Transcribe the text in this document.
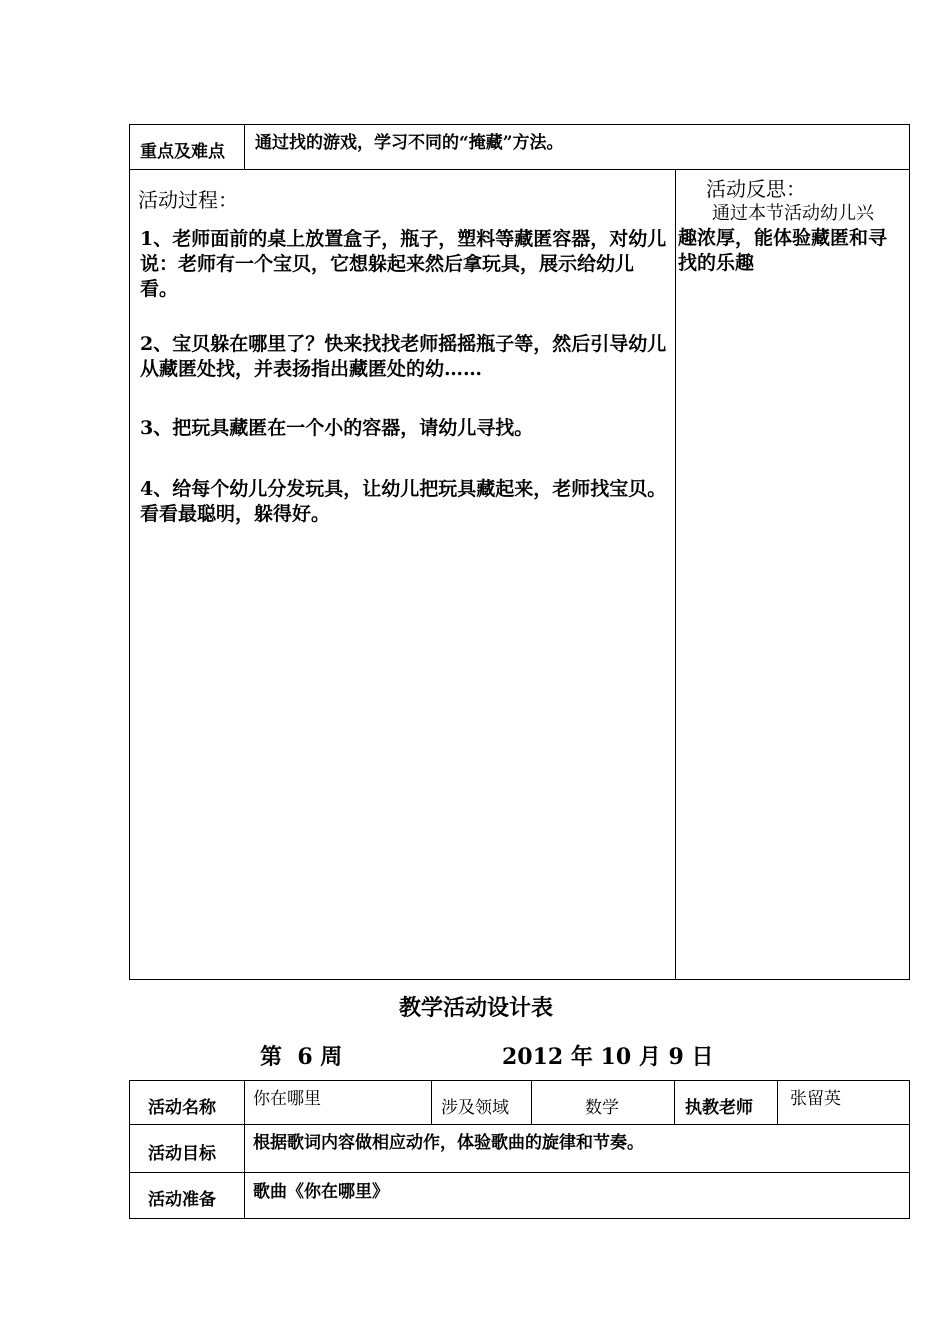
重点及难点 通过找的游戏，学习不同的“掩藏”方法。
活动过程：
1、老师面前的桌上放置盒子，瓶子，塑料等藏匿容器，对幼儿说：老师有一个宝贝，它想躲起来然后拿玩具，展示给幼儿看。
2、宝贝躲在哪里了？快来找找老师摇摇瓶子等，然后引导幼儿从藏匿处找，并表扬指出藏匿处的幼……
3、把玩具藏匿在一个小的容器，请幼儿寻找。
4、给每个幼儿分发玩具，让幼儿把玩具藏起来，老师找宝贝。看看最聪明，躲得好。
活动反思：
通过本节活动幼儿兴
趣浓厚，能体验藏匿和寻
找的乐趣
教学活动设计表
第  6 周	2012 年 10 月 9 日
活动名称 你在哪里	涉及领域	数学	执教老师 张留英
活动目标
根据歌词内容做相应动作，体验歌曲的旋律和节奏。
活动准备 歌曲《你在哪里》
